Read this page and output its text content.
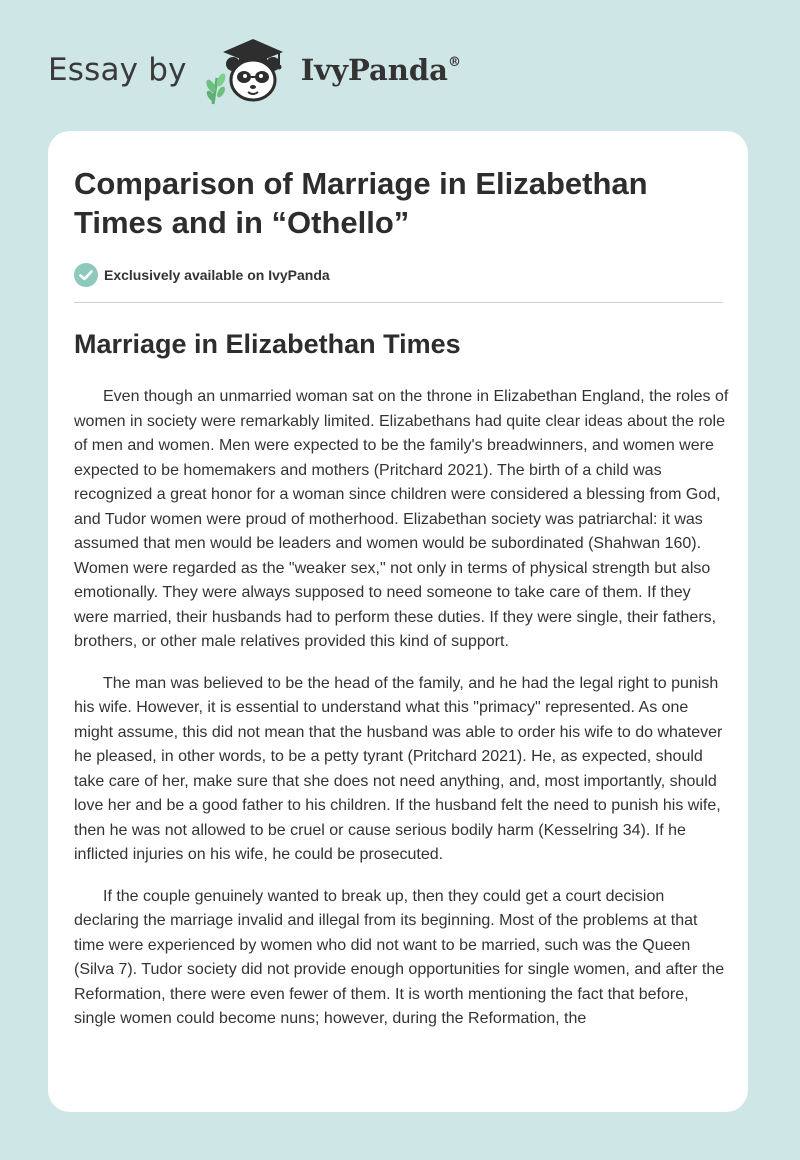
Essay by	IvyPanda®
Comparison of Marriage in Elizabethan Times and in “Othello”
Exclusively available on IvyPanda
Marriage in Elizabethan Times

Even though an unmarried woman sat on the throne in Elizabethan England, the roles of women in society were remarkably limited. Elizabethans had quite clear ideas about the role of men and women. Men were expected to be the family's breadwinners, and women were expected to be homemakers and mothers (Pritchard 2021). The birth of a child was recognized a great honor for a woman since children were considered a blessing from God, and Tudor women were proud of motherhood. Elizabethan society was patriarchal: it was assumed that men would be leaders and women would be subordinated (Shahwan 160). Women were regarded as the "weaker sex," not only in terms of physical strength but also emotionally. They were always supposed to need someone to take care of them. If they were married, their husbands had to perform these duties. If they were single, their fathers, brothers, or other male relatives provided this kind of support.

The man was believed to be the head of the family, and he had the legal right to punish his wife. However, it is essential to understand what this "primacy" represented. As one might assume, this did not mean that the husband was able to order his wife to do whatever he pleased, in other words, to be a petty tyrant (Pritchard 2021). He, as expected, should take care of her, make sure that she does not need anything, and, most importantly, should love her and be a good father to his children. If the husband felt the need to punish his wife, then he was not allowed to be cruel or cause serious bodily harm (Kesselring 34). If he inflicted injuries on his wife, he could be prosecuted.

If the couple genuinely wanted to break up, then they could get a court decision declaring the marriage invalid and illegal from its beginning. Most of the problems at that time were experienced by women who did not want to be married, such was the Queen (Silva 7). Tudor society did not provide enough opportunities for single women, and after the Reformation, there were even fewer of them. It is worth mentioning the fact that before, single women could become nuns; however, during the Reformation, the
